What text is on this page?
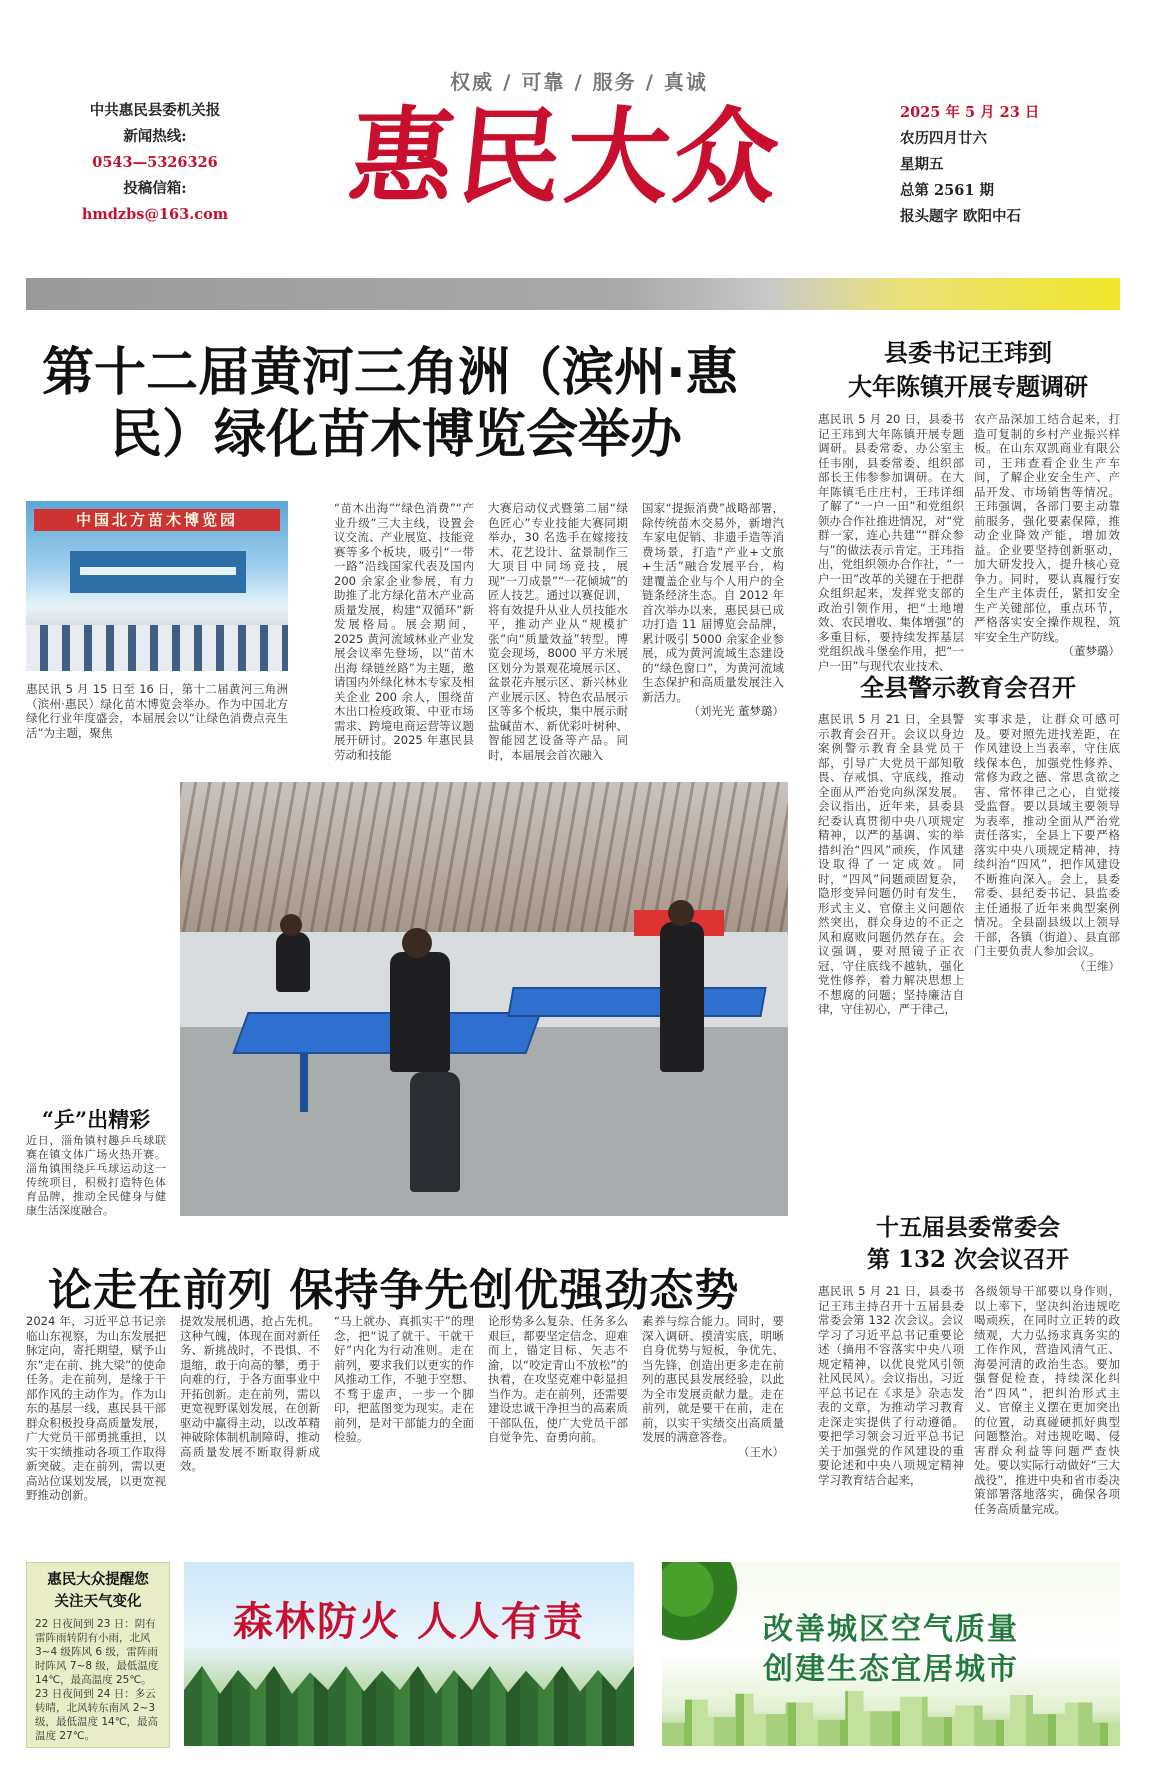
权威 / 可靠 / 服务 / 真诚
中共惠民县委机关报
新闻热线:
0543—5326326
投稿信箱:
hmdzbs@163.com 惠民大众	2025 年 5 月 23 日
农历四月廿六
星期五
总第 2561 期
报头题字 欧阳中石
第十二届黄河三角洲（滨州·惠
民）绿化苗木博览会举办
中国北方苗木博览园
惠民讯 5 月 15 日至 16 日，第十二届黄河三角洲（滨州·惠民）绿化苗木博览会举办。作为中国北方绿化行业年度盛会，本届展会以“让绿色消费点亮生活”为主题，聚焦
“苗木出海”“绿色消费”“产业升级”三大主线，设置会议交流、产业展览、技能竞赛等多个板块，吸引“一带一路”沿线国家代表及国内 200 余家企业参展，有力助推了北方绿化苗木产业高质量发展，构建“双循环”新发展格局。展会期间，2025 黄河流域林业产业发展会议率先登场，以“苗木出海 绿链丝路”为主题，邀请国内外绿化林木专家及相关企业 200 余人，围绕苗木出口检疫政策、中亚市场需求、跨境电商运营等议题展开研讨。2025 年惠民县劳动和技能
大赛启动仪式暨第二届“绿色匠心”专业技能大赛同期举办，30 名选手在嫁接技术、花艺设计、盆景制作三大项目中同场竞技，展现“一刀成景”“一花倾城”的匠人技艺。通过以赛促训，将有效提升从业人员技能水平，推动产业从“规模扩张”向“质量效益”转型。博览会现场，8000 平方米展区划分为景观花境展示区、盆景花卉展示区、新兴林业产业展示区、特色农品展示区等多个板块，集中展示耐盐碱苗木、新优彩叶树种、智能园艺设备等产品。同时，本届展会首次融入
国家“提振消费”战略部署，除传统苗木交易外，新增汽车家电促销、非遗手造等消费场景，打造“产业+文旅+生活”融合发展平台，构建覆盖企业与个人用户的全链条经济生态。自 2012 年首次举办以来，惠民县已成功打造 11 届博览会品牌，累计吸引 5000 余家企业参展，成为黄河流域生态建设的“绿色窗口”，为黄河流域生态保护和高质量发展注入新活力。
（刘光光 董梦璐）
县委书记王玮到
大年陈镇开展专题调研
惠民讯 5 月 20 日，县委书记王玮到大年陈镇开展专题调研。县委常委、办公室主任韦刚，县委常委、组织部部长王伟参参加调研。在大年陈镇毛庄庄村，王玮详细了解了“一户一田”和党组织领办合作社推进情况，对“党群一家，连心共建”“群众参与”的做法表示肯定。王玮指出，党组织领办合作社，“一户一田”改革的关键在于把群众组织起来，发挥党支部的政治引领作用，把“土地增效、农民增收、集体增强”的多重目标，要持续发挥基层党组织战斗堡垒作用，把“一户一田”与现代农业技术、
农产品深加工结合起来，打造可复制的乡村产业振兴样板。在山东双凯商业有限公司，王玮查看企业生产车间，了解企业安全生产、产品开发、市场销售等情况。王玮强调，各部门要主动靠前服务，强化要素保障，推动企业降效产能，增加效益。企业要坚持创新驱动，加大研发投入，提升核心竞争力。同时，要认真履行安全生产主体责任，紧扣安全生产关键部位，重点环节，严格落实安全操作规程，筑牢安全生产防线。
（董梦璐）
全县警示教育会召开
惠民讯 5 月 21 日，全县警示教育会召开。会议以身边案例警示教育全县党员干部，引导广大党员干部知敬畏、存戒惧、守底线，推动全面从严治党向纵深发展。会议指出，近年来，县委县纪委认真贯彻中央八项规定精神，以严的基调、实的举措纠治“四风”顽疾，作风建设取得了一定成效。同时，“四风”问题顽固复杂，隐形变异问题仍时有发生，形式主义、官僚主义问题依然突出，群众身边的不正之风和腐败问题仍然存在。会议强调，要对照镜子正衣冠，守住底线不越轨，强化党性修养，着力解决思想上不想腐的问题；坚持廉洁自律，守住初心，严于律己，
实事求是，让群众可感可及。要对照先进找差距，在作风建设上当表率，守住底线保本色，加强党性修养、常修为政之德、常思贪欲之害、常怀律己之心，自觉接受监督。要以县域主要领导为表率，推动全面从严治党责任落实，全县上下要严格落实中央八项规定精神，持续纠治“四风”，把作风建设不断推向深入。会上，县委常委、县纪委书记、县监委主任通报了近年来典型案例情况。全县副县级以上领导干部，各镇（街道）、县直部门主要负责人参加会议。
（王维）
“乒”出精彩
近日，淄角镇村趣乒乓球联赛在镇文体广场火热开赛。淄角镇围绕乒乓球运动这一传统项目，积极打造特色体育品牌，推动全民健身与健康生活深度融合。
十五届县委常委会
第 132 次会议召开
惠民讯 5 月 21 日，县委书记王玮主持召开十五届县委常委会第 132 次会议。会议学习了习近平总书记重要论述（摘用不容落实中央八项规定精神，以优良党风引领社风民风）。会议指出，习近平总书记在《求是》杂志发表的文章，为推动学习教育走深走实提供了行动遵循。要把学习领会习近平总书记关于加强党的作风建设的重要论述和中央八项规定精神学习教育结合起来，
各级领导干部要以身作则，以上率下，坚决纠治违规吃喝顽疾，在同时立正转的政绩观，大力弘扬求真务实的工作作风，营造风清气正、海晏河清的政治生态。要加强督促检查，持续深化纠治“四风”，把纠治形式主义、官僚主义摆在更加突出的位置，动真碰硬抓好典型问题整治。对违规吃喝、侵害群众利益等问题严查快处。要以实际行动做好“三大战役”，推进中央和省市委决策部署落地落实，确保各项任务高质量完成。
论走在前列 保持争先创优强劲态势
2024 年，习近平总书记亲临山东视察，为山东发展把脉定向，寄托期望，赋予山东“走在前、挑大梁”的使命任务。走在前列，是缘于干部作风的主动作为。作为山东的基层一线，惠民县干部群众积极投身高质量发展，广大党员干部勇挑重担，以实干实绩推动各项工作取得新突破。走在前列，需以更高站位谋划发展，以更宽视野推动创新。
提效发展机遇，抢占先机。这种气魄，体现在面对新任务、新挑战时，不畏惧、不退缩，敢于向高的攀，勇于向难的行，于各方面事业中开拓创新。走在前列，需以更宽视野谋划发展，在创新驱动中赢得主动，以改革精神破除体制机制障碍，推动高质量发展不断取得新成效。
“马上就办、真抓实干”的理念，把“说了就干、干就干好”内化为行动准则。走在前列，要求我们以更实的作风推动工作，不驰于空想、不骛于虚声，一步一个脚印，把蓝图变为现实。走在前列，是对干部能力的全面检验。
论形势多么复杂、任务多么艰巨，都要坚定信念、迎难而上，锚定目标、矢志不渝，以“咬定青山不放松”的执着，在攻坚克难中彰显担当作为。走在前列，还需要建设忠诚干净担当的高素质干部队伍，使广大党员干部自觉争先、奋勇向前。
素养与综合能力。同时，要深入调研、摸清实底，明晰自身优势与短板，争优先、当先锋，创造出更多走在前列的惠民县发展经验，以此为全市发展贡献力量。走在前列，就是要干在前，走在前，以实干实绩交出高质量发展的满意答卷。
（王水）
惠民大众提醒您
关注天气变化
22 日夜间到 23 日：阴有雷阵雨转阴有小雨，北风 3~4 级阵风 6 级，雷阵雨时阵风 7~8 级，最低温度 14℃，最高温度 25℃。23 日夜间到 24 日：多云转晴，北风转东南风 2~3 级，最低温度 14℃，最高温度 27℃。
森林防火 人人有责	改善城区空气质量
创建生态宜居城市
